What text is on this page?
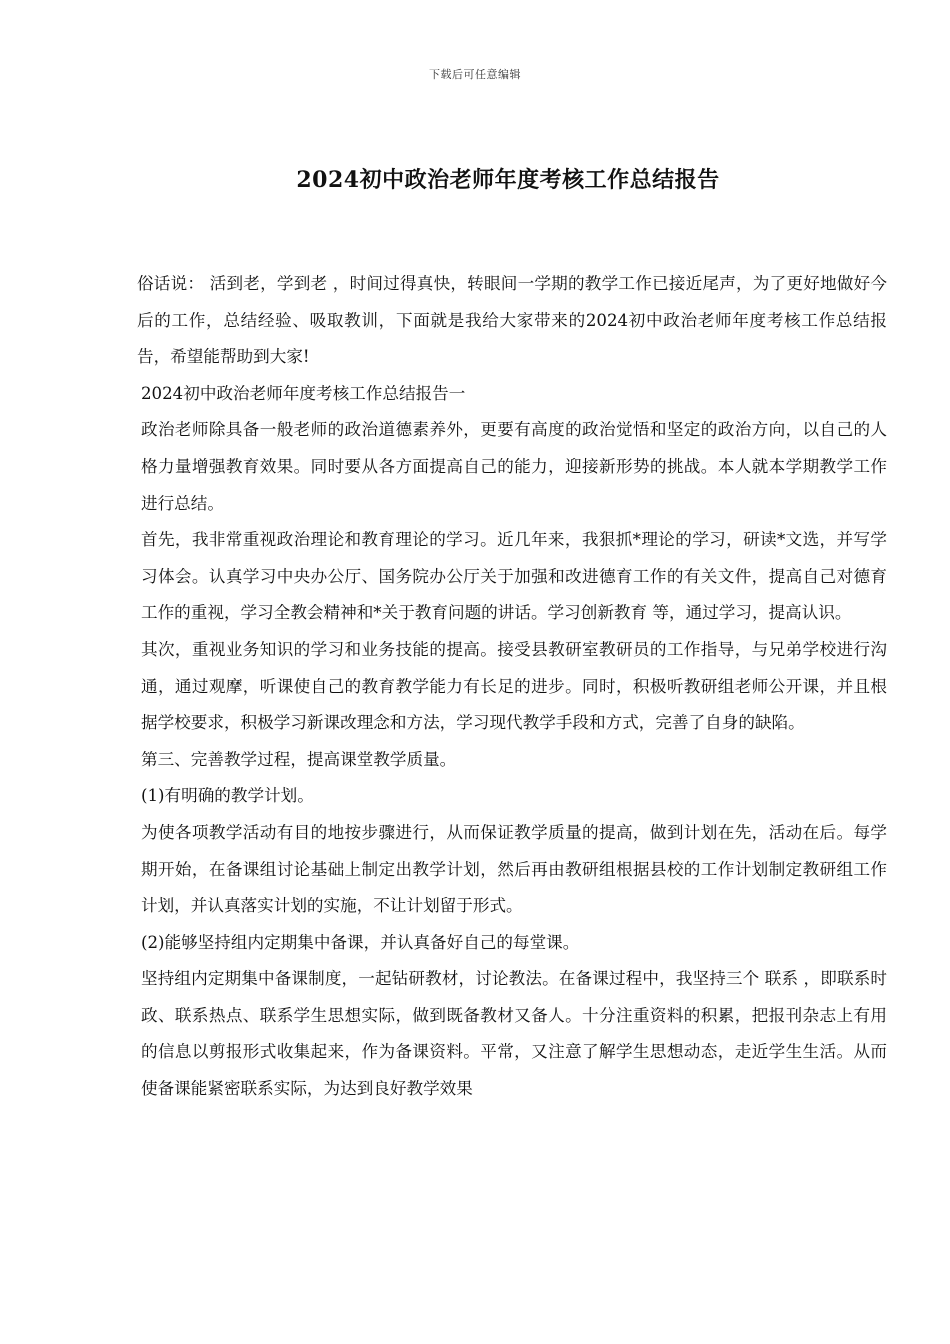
下载后可任意编辑
2024初中政治老师年度考核工作总结报告

俗话说： 活到老，学到老 ，时间过得真快，转眼间一学期的教学工作已接近尾声，为了更好地做好今后的工作，总结经验、吸取教训，下面就是我给大家带来的2024初中政治老师年度考核工作总结报告，希望能帮助到大家!

2024初中政治老师年度考核工作总结报告一

政治老师除具备一般老师的政治道德素养外，更要有高度的政治觉悟和坚定的政治方向，以自己的人格力量增强教育效果。同时要从各方面提高自己的能力，迎接新形势的挑战。本人就本学期教学工作进行总结。

首先，我非常重视政治理论和教育理论的学习。近几年来，我狠抓*理论的学习，研读*文选，并写学习体会。认真学习中央办公厅、国务院办公厅关于加强和改进德育工作的有关文件，提高自己对德育工作的重视，学习全教会精神和*关于教育问题的讲话。学习创新教育 等，通过学习，提高认识。

其次，重视业务知识的学习和业务技能的提高。接受县教研室教研员的工作指导，与兄弟学校进行沟通，通过观摩，听课使自己的教育教学能力有长足的进步。同时，积极听教研组老师公开课，并且根据学校要求，积极学习新课改理念和方法，学习现代教学手段和方式，完善了自身的缺陷。

第三、完善教学过程，提高课堂教学质量。

(1)有明确的教学计划。

为使各项教学活动有目的地按步骤进行，从而保证教学质量的提高，做到计划在先，活动在后。每学期开始，在备课组讨论基础上制定出教学计划，然后再由教研组根据县校的工作计划制定教研组工作计划，并认真落实计划的实施，不让计划留于形式。

(2)能够坚持组内定期集中备课，并认真备好自己的每堂课。

坚持组内定期集中备课制度，一起钻研教材，讨论教法。在备课过程中，我坚持三个 联系 ，即联系时政、联系热点、联系学生思想实际，做到既备教材又备人。十分注重资料的积累，把报刊杂志上有用的信息以剪报形式收集起来，作为备课资料。平常，又注意了解学生思想动态，走近学生生活。从而使备课能紧密联系实际，为达到良好教学效果
